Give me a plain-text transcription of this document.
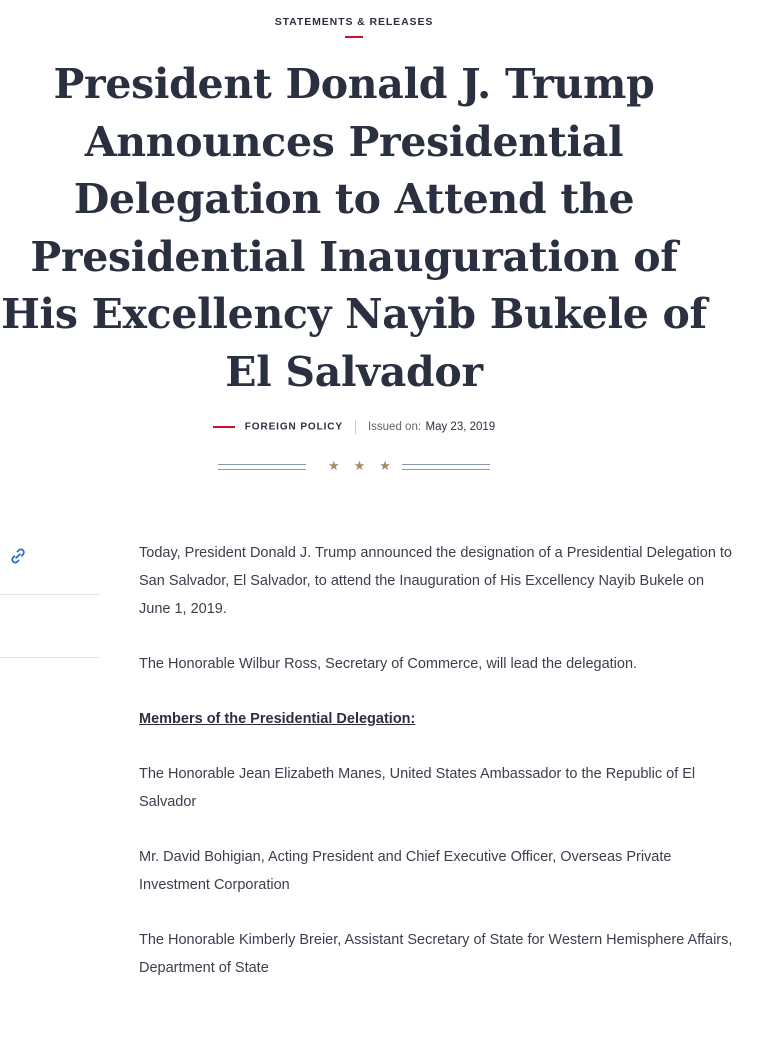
STATEMENTS & RELEASES
President Donald J. Trump Announces Presidential Delegation to Attend the Presidential Inauguration of His Excellency Nayib Bukele of El Salvador
FOREIGN POLICY Issued on: May 23, 2019
★★★

Today, President Donald J. Trump announced the designation of a Presidential Delegation to San Salvador, El Salvador, to attend the Inauguration of His Excellency Nayib Bukele on June 1, 2019.

The Honorable Wilbur Ross, Secretary of Commerce, will lead the delegation.

Members of the Presidential Delegation:

The Honorable Jean Elizabeth Manes, United States Ambassador to the Republic of El Salvador

Mr. David Bohigian, Acting President and Chief Executive Officer, Overseas Private Investment Corporation

The Honorable Kimberly Breier, Assistant Secretary of State for Western Hemisphere Affairs, Department of State
